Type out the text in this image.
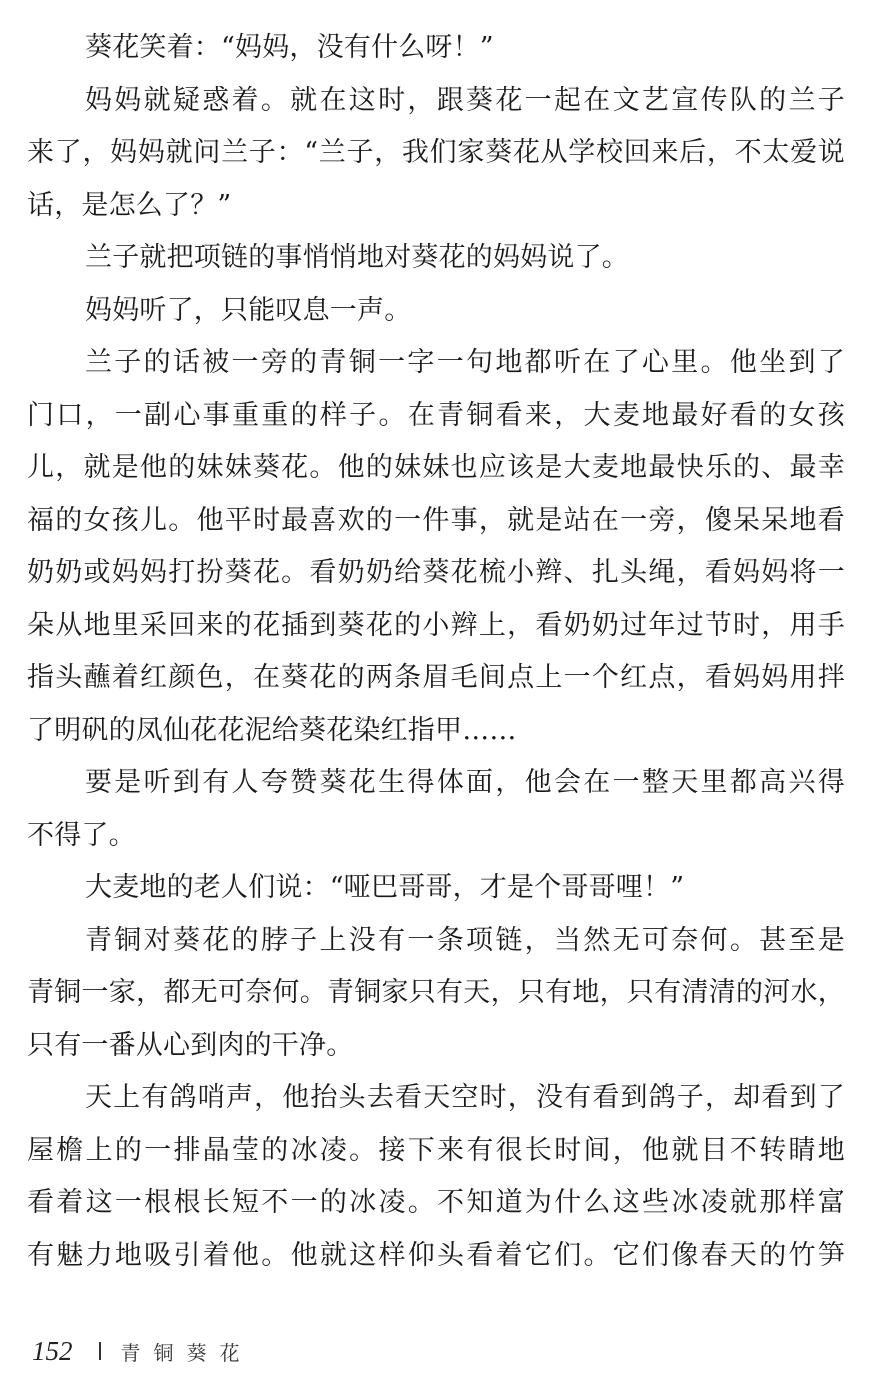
葵花笑着：“妈妈，没有什么呀！”
妈妈就疑惑着。就在这时，跟葵花一起在文艺宣传队的兰子
来了，妈妈就问兰子：“兰子，我们家葵花从学校回来后，不太爱说
话，是怎么了？”
兰子就把项链的事悄悄地对葵花的妈妈说了。
妈妈听了，只能叹息一声。
兰子的话被一旁的青铜一字一句地都听在了心里。他坐到了
门口，一副心事重重的样子。在青铜看来，大麦地最好看的女孩
儿，就是他的妹妹葵花。他的妹妹也应该是大麦地最快乐的、最幸
福的女孩儿。他平时最喜欢的一件事，就是站在一旁，傻呆呆地看
奶奶或妈妈打扮葵花。看奶奶给葵花梳小辫、扎头绳，看妈妈将一
朵从地里采回来的花插到葵花的小辫上，看奶奶过年过节时，用手
指头蘸着红颜色，在葵花的两条眉毛间点上一个红点，看妈妈用拌
了明矾的凤仙花花泥给葵花染红指甲……
要是听到有人夸赞葵花生得体面，他会在一整天里都高兴得
不得了。
大麦地的老人们说：“哑巴哥哥，才是个哥哥哩！”
青铜对葵花的脖子上没有一条项链，当然无可奈何。甚至是
青铜一家，都无可奈何。青铜家只有天，只有地，只有清清的河水，
只有一番从心到肉的干净。
天上有鸽哨声，他抬头去看天空时，没有看到鸽子，却看到了
屋檐上的一排晶莹的冰凌。接下来有很长时间，他就目不转睛地
看着这一根根长短不一的冰凌。不知道为什么这些冰凌就那样富
有魅力地吸引着他。他就这样仰头看着它们。它们像春天的竹笋
152 青铜葵花
